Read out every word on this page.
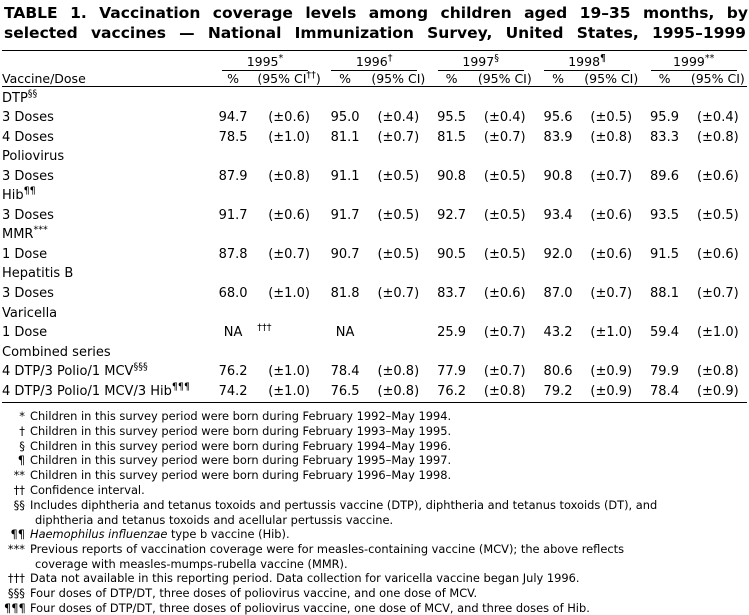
TABLE 1. Vaccination coverage levels among children aged 19–35 months, by
selected vaccines — National Immunization Survey, United States, 1995–1999

	1995*		1996†		1997§		1998¶		1999**
Vaccine/Dose	%	(95% CI††)	%	(95% CI)	%	(95% CI)	%	(95% CI)	%	(95% CI)

DTP§§										
3 Doses	94.7	(±0.6)	95.0	(±0.4)	95.5	(±0.4)	95.6	(±0.5)	95.9	(±0.4)
4 Doses	78.5	(±1.0)	81.1	(±0.7)	81.5	(±0.7)	83.9	(±0.8)	83.3	(±0.8)
Poliovirus										
3 Doses	87.9	(±0.8)	91.1	(±0.5)	90.8	(±0.5)	90.8	(±0.7)	89.6	(±0.6)
Hib¶¶										
3 Doses	91.7	(±0.6)	91.7	(±0.5)	92.7	(±0.5)	93.4	(±0.6)	93.5	(±0.5)
MMR***										
1 Dose	87.8	(±0.7)	90.7	(±0.5)	90.5	(±0.5)	92.0	(±0.6)	91.5	(±0.6)
Hepatitis B										
3 Doses	68.0	(±1.0)	81.8	(±0.7)	83.7	(±0.6)	87.0	(±0.7)	88.1	(±0.7)
Varicella										
1 Dose	NA	†††	NA		25.9	(±0.7)	43.2	(±1.0)	59.4	(±1.0)
Combined series										
4 DTP/3 Polio/1 MCV§§§	76.2	(±1.0)	78.4	(±0.8)	77.9	(±0.7)	80.6	(±0.9)	79.9	(±0.8)
4 DTP/3 Polio/1 MCV/3 Hib¶¶¶	74.2	(±1.0)	76.5	(±0.8)	76.2	(±0.8)	79.2	(±0.9)	78.4	(±0.9)

* Children in this survey period were born during February 1992–May 1994.
† Children in this survey period were born during February 1993–May 1995.
§ Children in this survey period were born during February 1994–May 1996.
¶ Children in this survey period were born during February 1995–May 1997.
** Children in this survey period were born during February 1996–May 1998.
†† Confidence interval.
§§ Includes diphtheria and tetanus toxoids and pertussis vaccine (DTP), diphtheria and tetanus toxoids (DT), and
diphtheria and tetanus toxoids and acellular pertussis vaccine.
¶¶ Haemophilus influenzae type b vaccine (Hib).
*** Previous reports of vaccination coverage were for measles-containing vaccine (MCV); the above reflects
coverage with measles-mumps-rubella vaccine (MMR).
††† Data not available in this reporting period. Data collection for varicella vaccine began July 1996.
§§§ Four doses of DTP/DT, three doses of poliovirus vaccine, and one dose of MCV.
¶¶¶ Four doses of DTP/DT, three doses of poliovirus vaccine, one dose of MCV, and three doses of Hib.
